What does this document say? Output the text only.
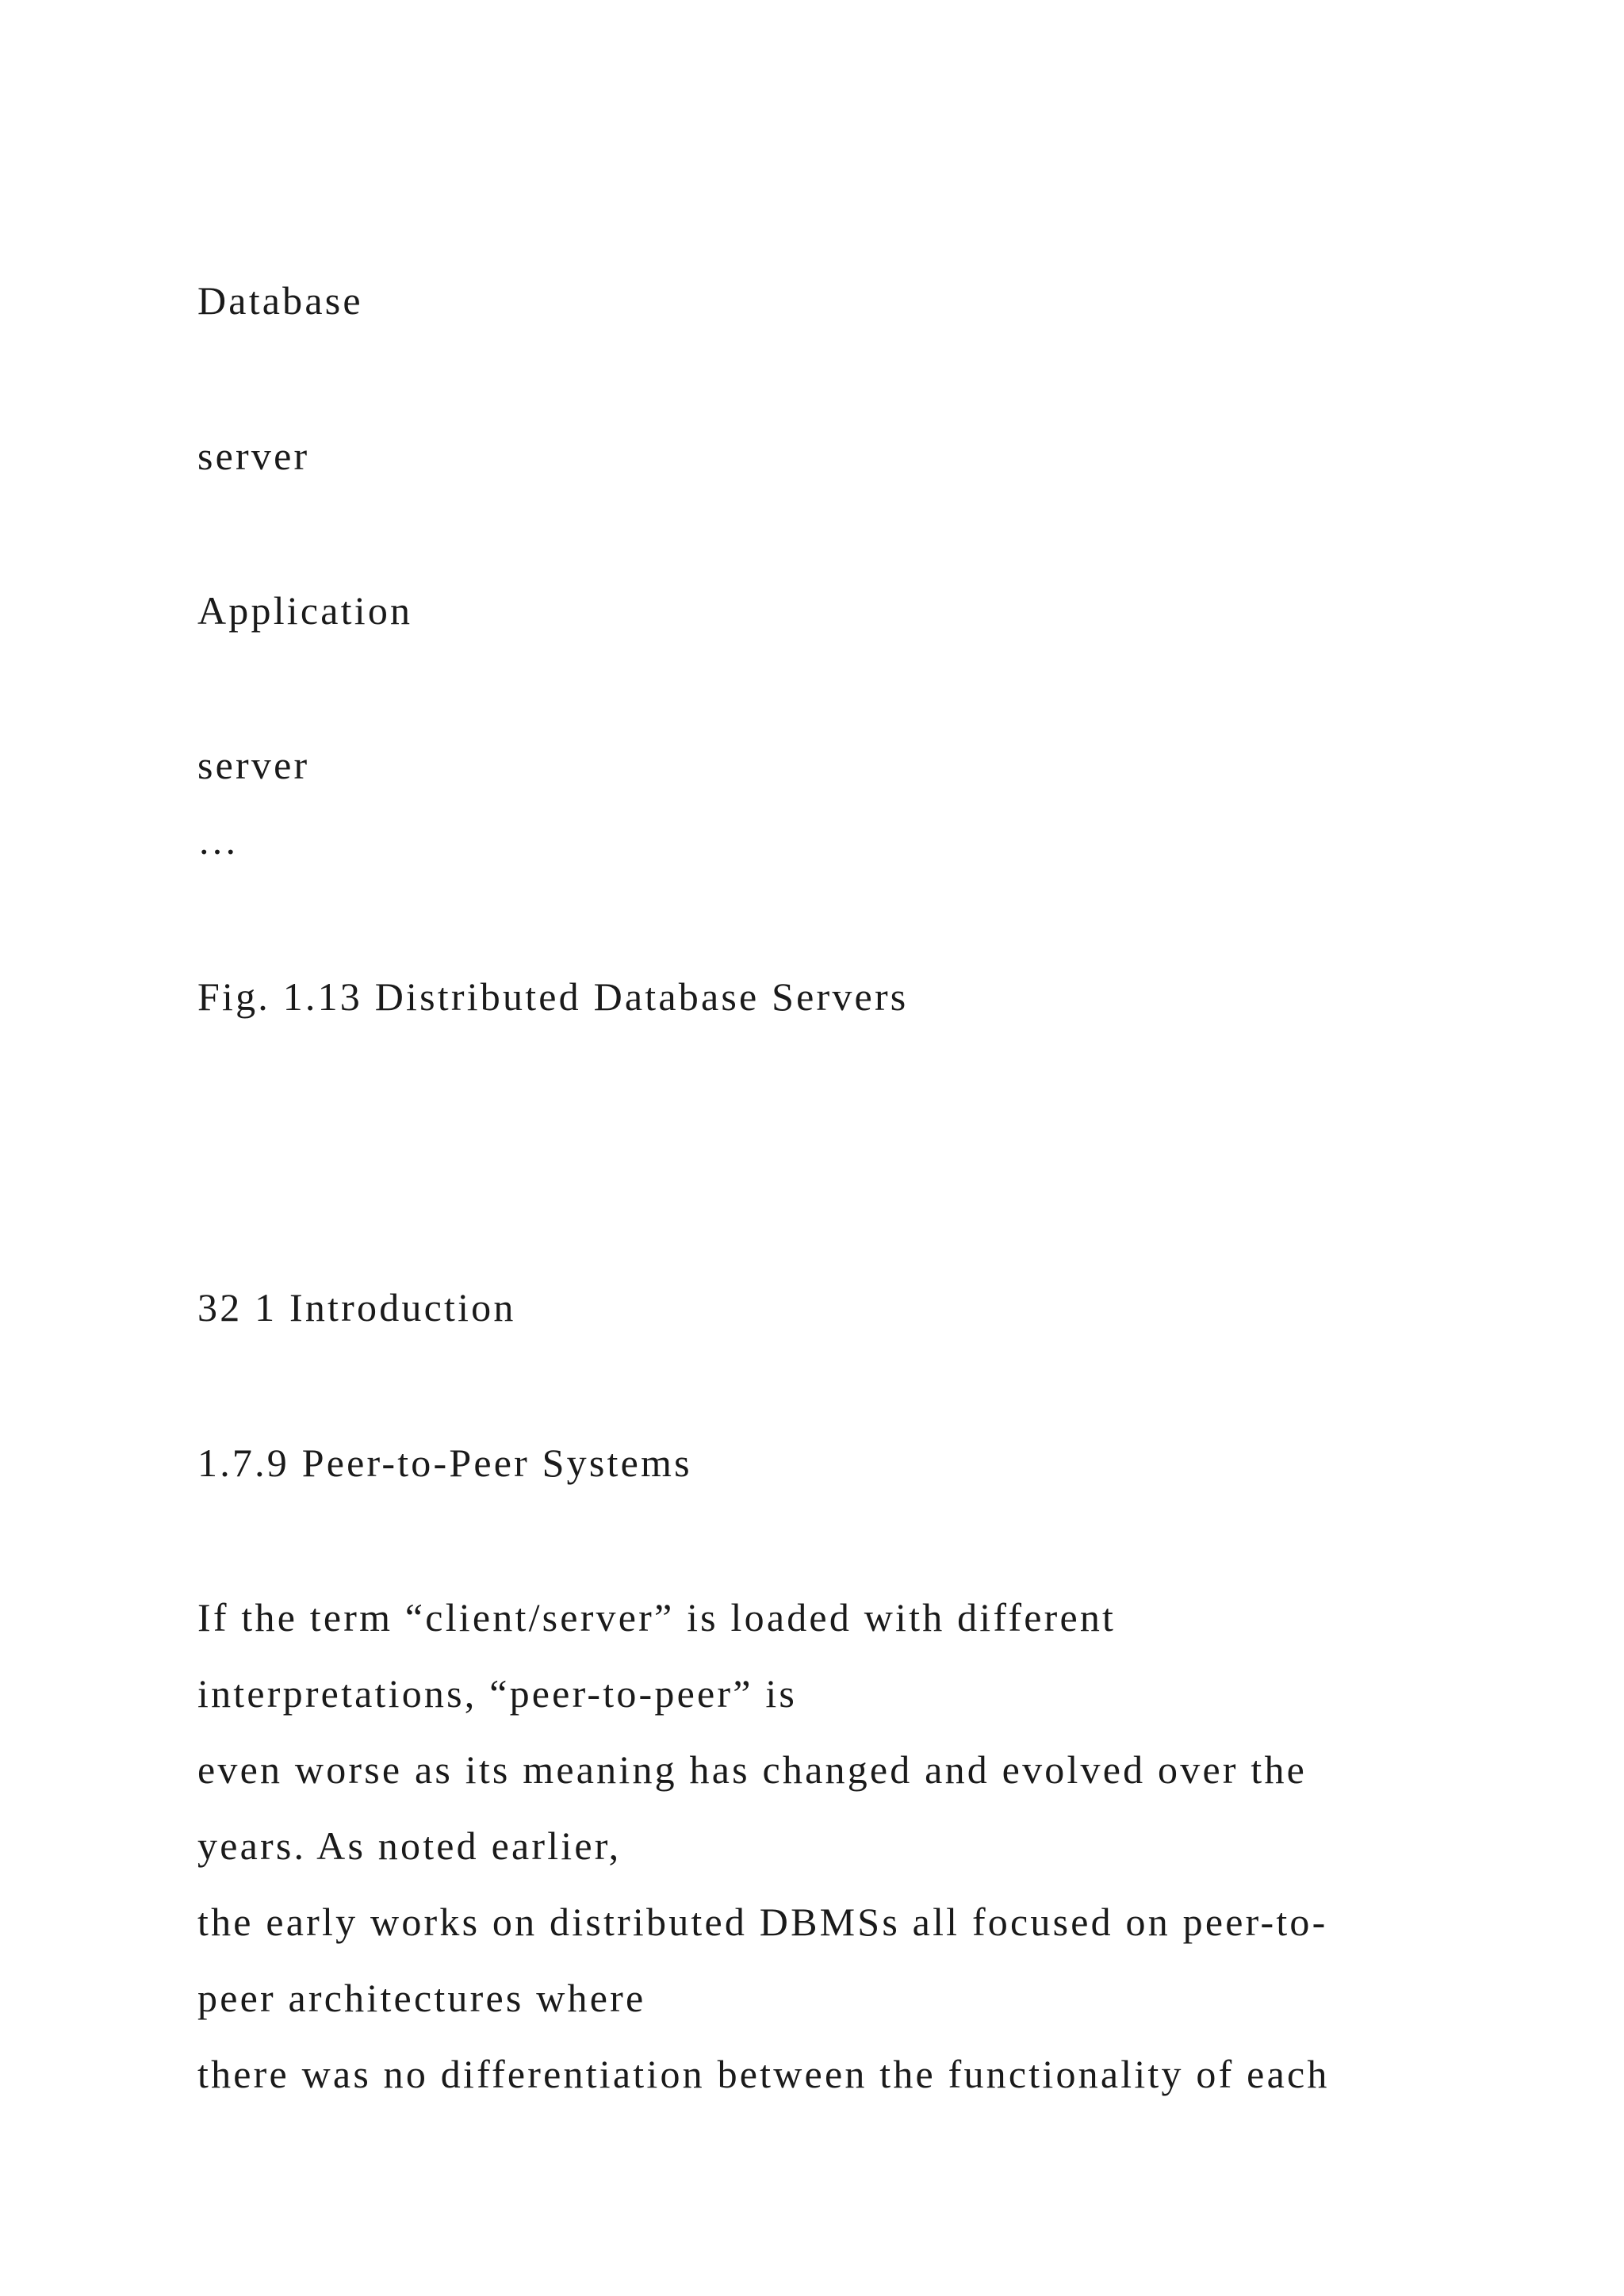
Database

server

Application

server

…

Fig. 1.13 Distributed Database Servers

32 1 Introduction

1.7.9 Peer-to-Peer Systems

If the term “client/server” is loaded with different

interpretations, “peer-to-peer” is

even worse as its meaning has changed and evolved over the

years. As noted earlier,

the early works on distributed DBMSs all focused on peer-to-

peer architectures where

there was no differentiation between the functionality of each
